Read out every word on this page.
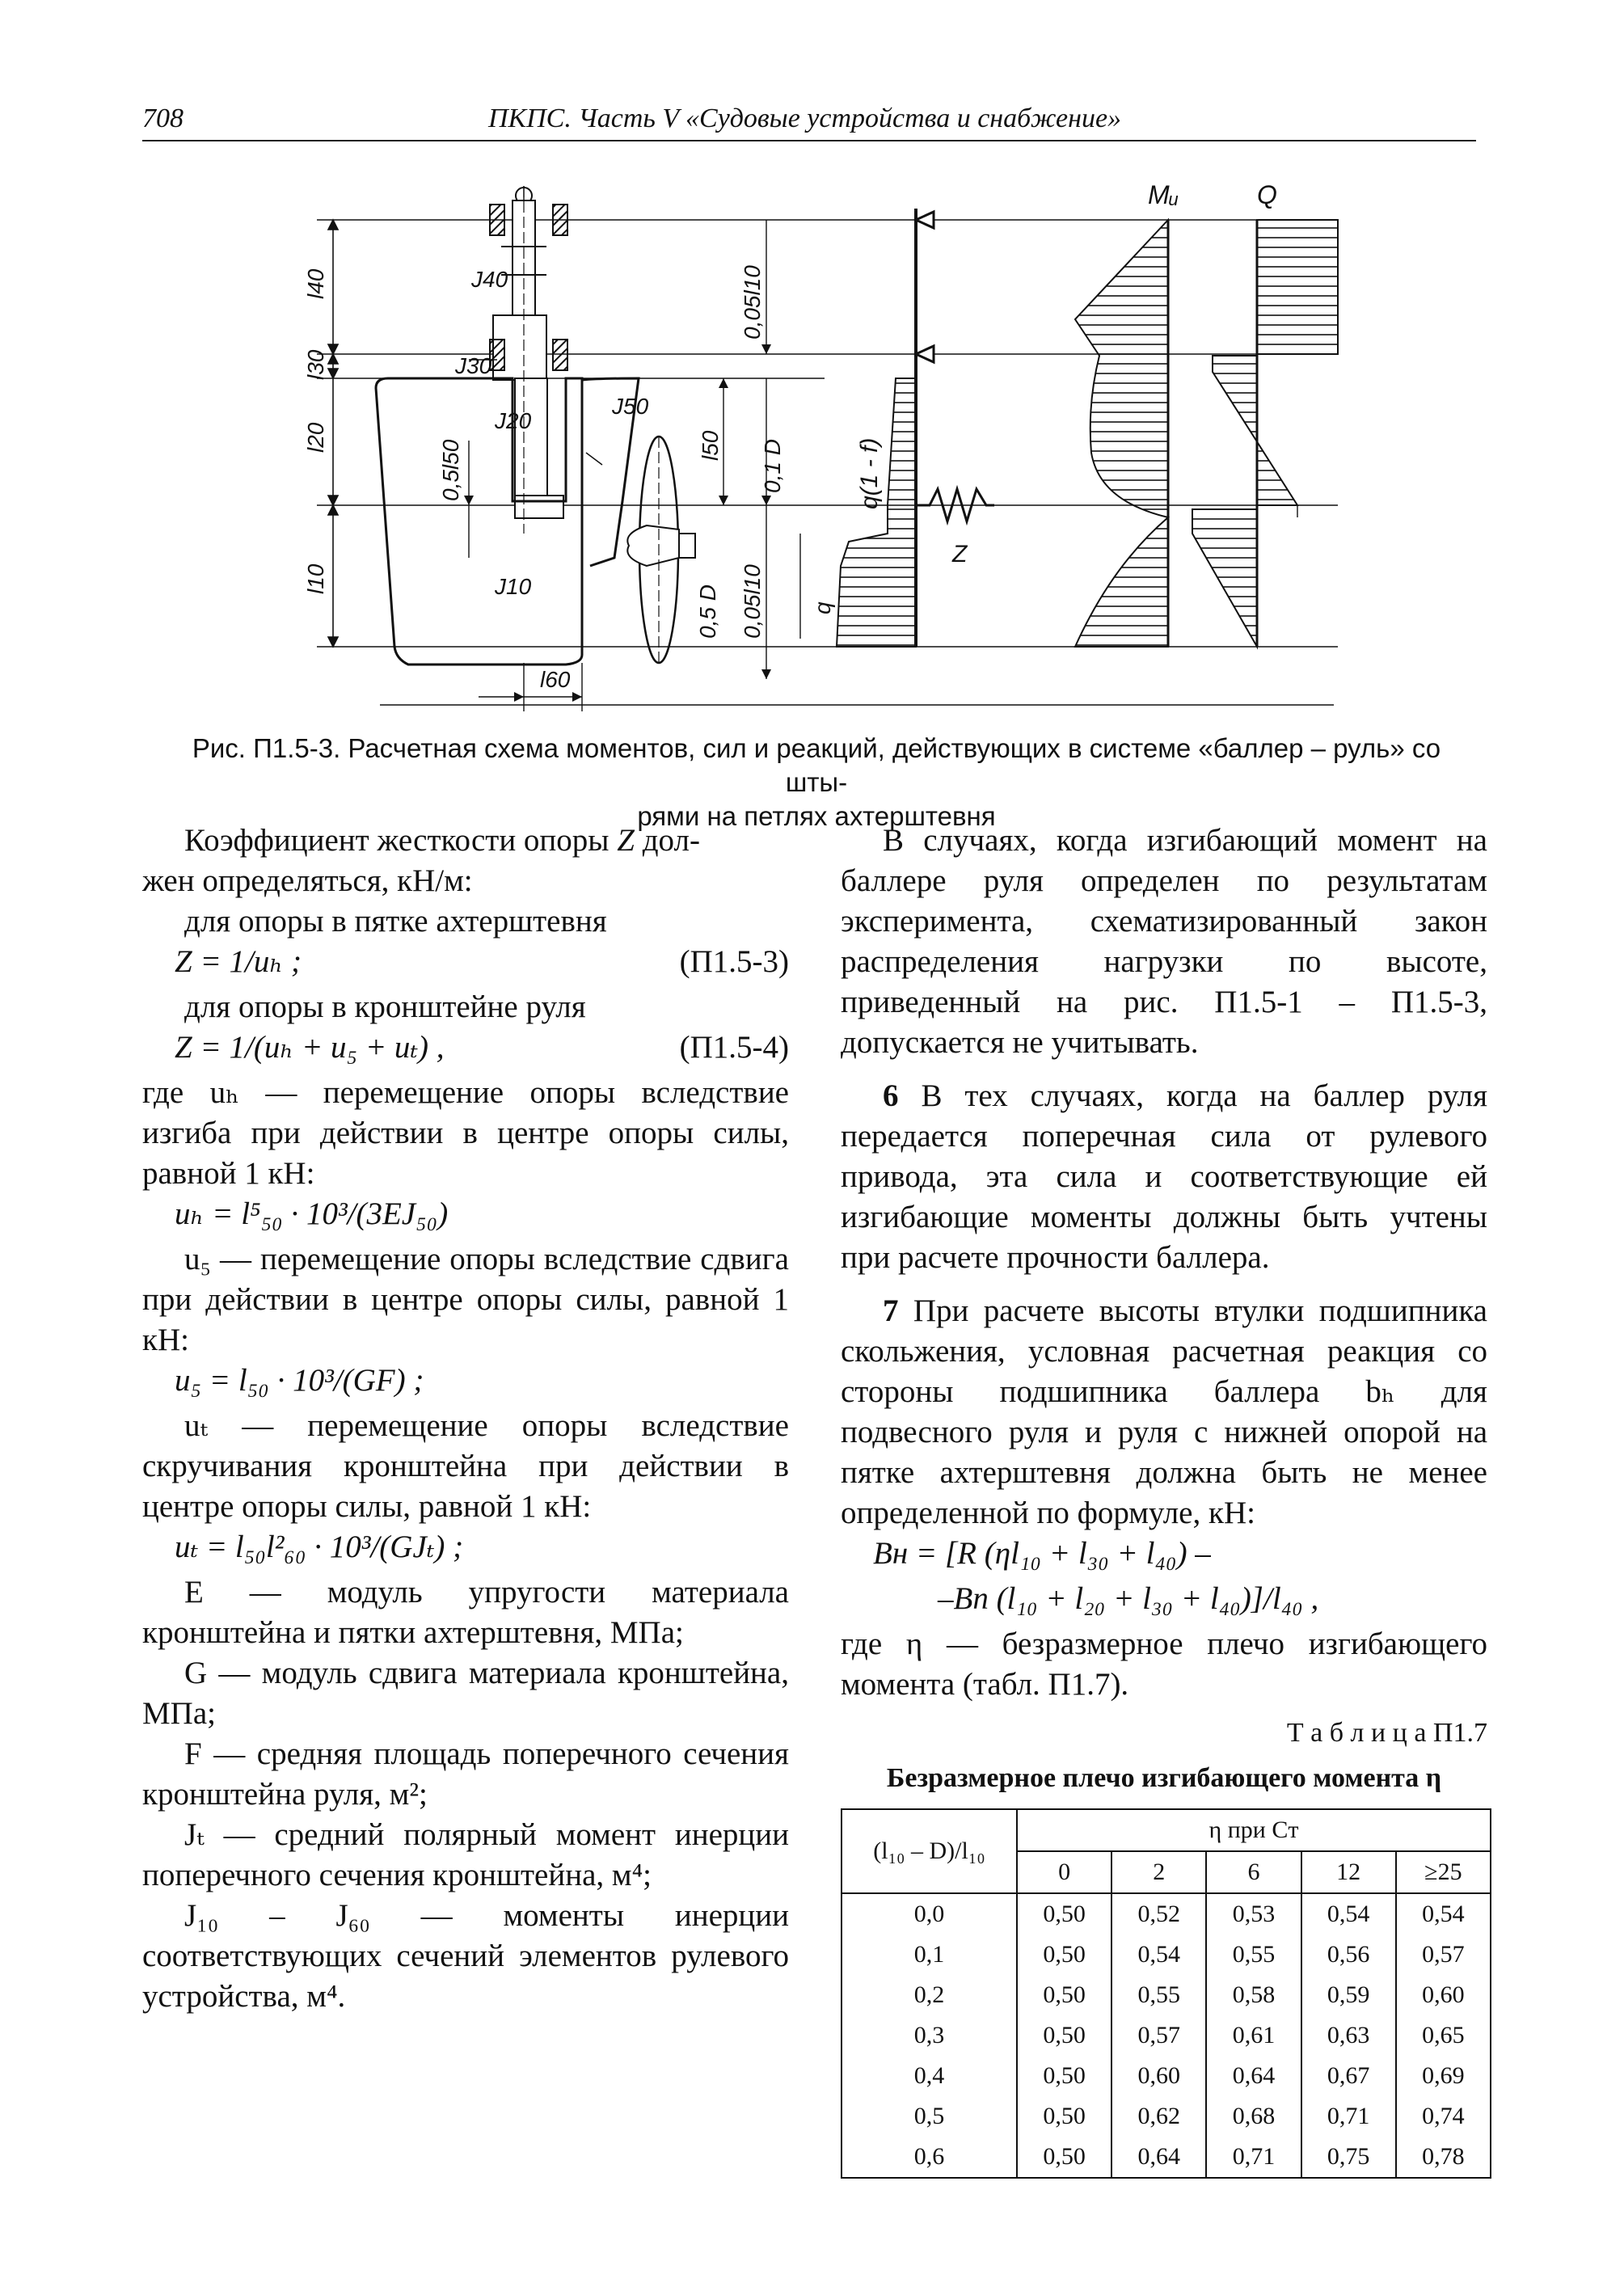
708	ПКПС. Часть V «Судовые устройства и снабжение»
l40
l30
l20
l10
J40
J30
J20
J50
J10
0,5l50
l60
l50
0,05l10
0,1 D
0,5 D 0,05l10 q
q(1 - f)
Z
Mᵤ	Q
Рис. П1.5-3. Расчетная схема моментов, сил и реакций, действующих в системе «баллер – руль» со шты-
рями на петлях ахтерштевня

Коэффициент жесткости опоры Z дол-

жен определяться, кН/м:

для опоры в пятке ахтерштевня

Z = 1/uₕ ;	(П1.5-3)

для опоры в кронштейне руля

Z = 1/(uₕ + u₅ + uₜ) ,	(П1.5-4)

где uₕ — перемещение опоры вследствие изгиба при действии в центре опоры силы, равной 1 кН:

uₕ = l⁵₅₀ · 10³/(3EJ₅₀)

u₅ — перемещение опоры вследствие сдвига при действии в центре опоры силы, равной 1 кН:

u₅ = l₅₀ · 10³/(GF) ;

uₜ — перемещение опоры вследствие скручивания кронштейна при действии в центре опоры силы, равной 1 кН:

uₜ = l₅₀l²₆₀ · 10³/(GJₜ) ;

E — модуль упругости материала кронштейна и пятки ахтерштевня, МПа;

G — модуль сдвига материала кронштейна, МПа;

F — средняя площадь поперечного сечения кронштейна руля, м²;

Jₜ — средний полярный момент инерции поперечного сечения кронштейна, м⁴;

J₁₀ – J₆₀ — моменты инерции соответствующих сечений элементов рулевого устройства, м⁴.

В случаях, когда изгибающий момент на баллере руля определен по результатам эксперимента, схематизированный закон распределения нагрузки по высоте, приведенный на рис. П1.5-1 – П1.5-3, допускается не учитывать.

6 В тех случаях, когда на баллер руля передается поперечная сила от рулевого привода, эта сила и соответствующие ей изгибающие моменты должны быть учтены при расчете прочности баллера.

7 При расчете высоты втулки подшипника скольжения, условная расчетная реакция со стороны подшипника баллера bₕ для подвесного руля и руля с нижней опорой на пятке ахтерштевня должна быть не менее определенной по формуле, кН:

Bн = [R (ηl₁₀ + l₃₀ + l₄₀) –
–Bп (l₁₀ + l₂₀ + l₃₀ + l₄₀)]/l₄₀ ,

где η — безразмерное плечо изгибающего момента (табл. П1.7).

Т а б л и ц а П1.7

Безразмерное плечо изгибающего момента η

(l₁₀ – D)/l₁₀	η при Cт				
	0	2	6	12	≥25
0,0	0,50	0,52	0,53	0,54	0,54
0,1	0,50	0,54	0,55	0,56	0,57
0,2	0,50	0,55	0,58	0,59	0,60
0,3	0,50	0,57	0,61	0,63	0,65
0,4	0,50	0,60	0,64	0,67	0,69
0,5	0,50	0,62	0,68	0,71	0,74
0,6	0,50	0,64	0,71	0,75	0,78
